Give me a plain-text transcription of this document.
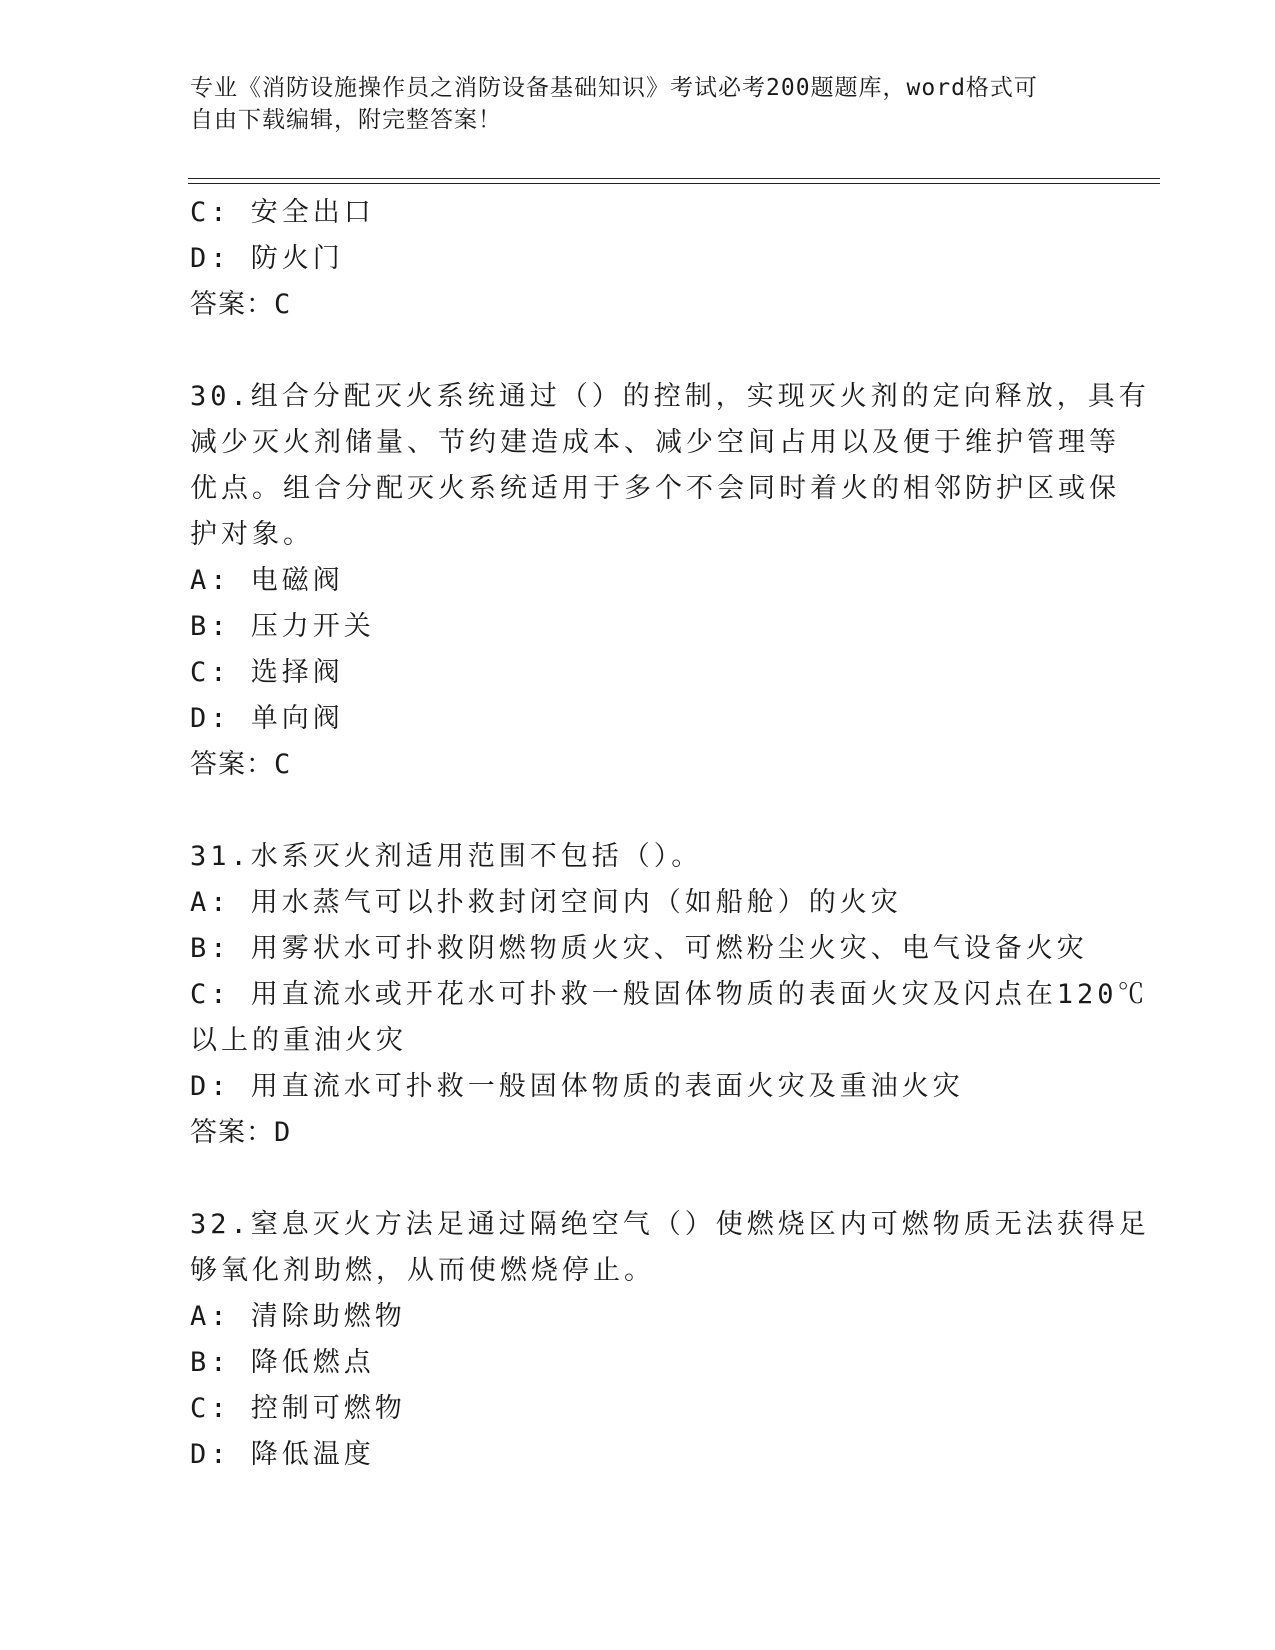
专业《消防设施操作员之消防设备基础知识》考试必考200题题库，word格式可
自由下载编辑，附完整答案！
C: 安全出口
D: 防火门
答案：C
30.组合分配灭火系统通过（）的控制，实现灭火剂的定向释放，具有
减少灭火剂储量、节约建造成本、减少空间占用以及便于维护管理等
优点。组合分配灭火系统适用于多个不会同时着火的相邻防护区或保
护对象。
A: 电磁阀
B: 压力开关
C: 选择阀
D: 单向阀
答案：C
31.水系灭火剂适用范围不包括（）。
A: 用水蒸气可以扑救封闭空间内（如船舱）的火灾
B: 用雾状水可扑救阴燃物质火灾、可燃粉尘火灾、电气设备火灾
C: 用直流水或开花水可扑救一般固体物质的表面火灾及闪点在120℃
以上的重油火灾
D: 用直流水可扑救一般固体物质的表面火灾及重油火灾
答案：D
32.窒息灭火方法足通过隔绝空气（）使燃烧区内可燃物质无法获得足
够氧化剂助燃，从而使燃烧停止。
A: 清除助燃物
B: 降低燃点
C: 控制可燃物
D: 降低温度
